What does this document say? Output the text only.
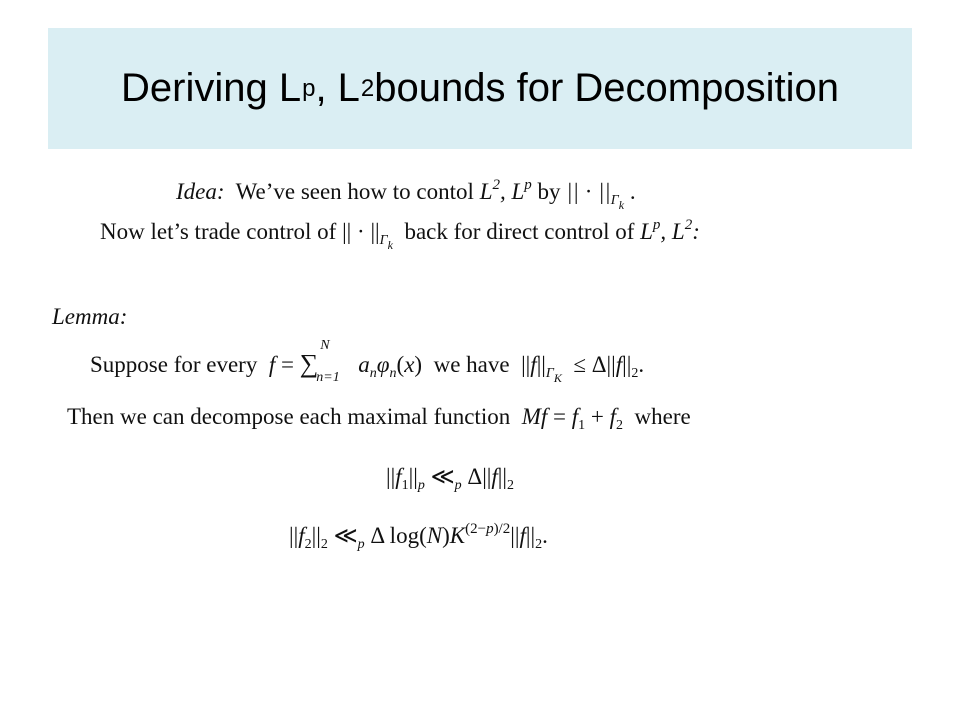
Deriving L p , L 2 bounds for Decomposition
Idea: We’ve seen how to contol $L^2$, $L^p$ by || · $||_{\Gamma k}$ .
Now let’s trade control of || · $||_{\Gamma k}$  back for direct control of $L^p$, $L^2$:
Lemma:
Suppose for every f = ∑
N
n=1
$a_n\varphi_n(x)$  we have  $||f||_{\Gamma K} \le \Delta||f||_2$.
Then we can decompose each maximal function $Mf = f_1 + f_2$ where
$||f_1||_p$ $≪_p$ $\Delta||f||_2$
$||f_2||_2$ $≪_p$ Δ $\log(N)K^{(2-p)/2}||f||_2$.
